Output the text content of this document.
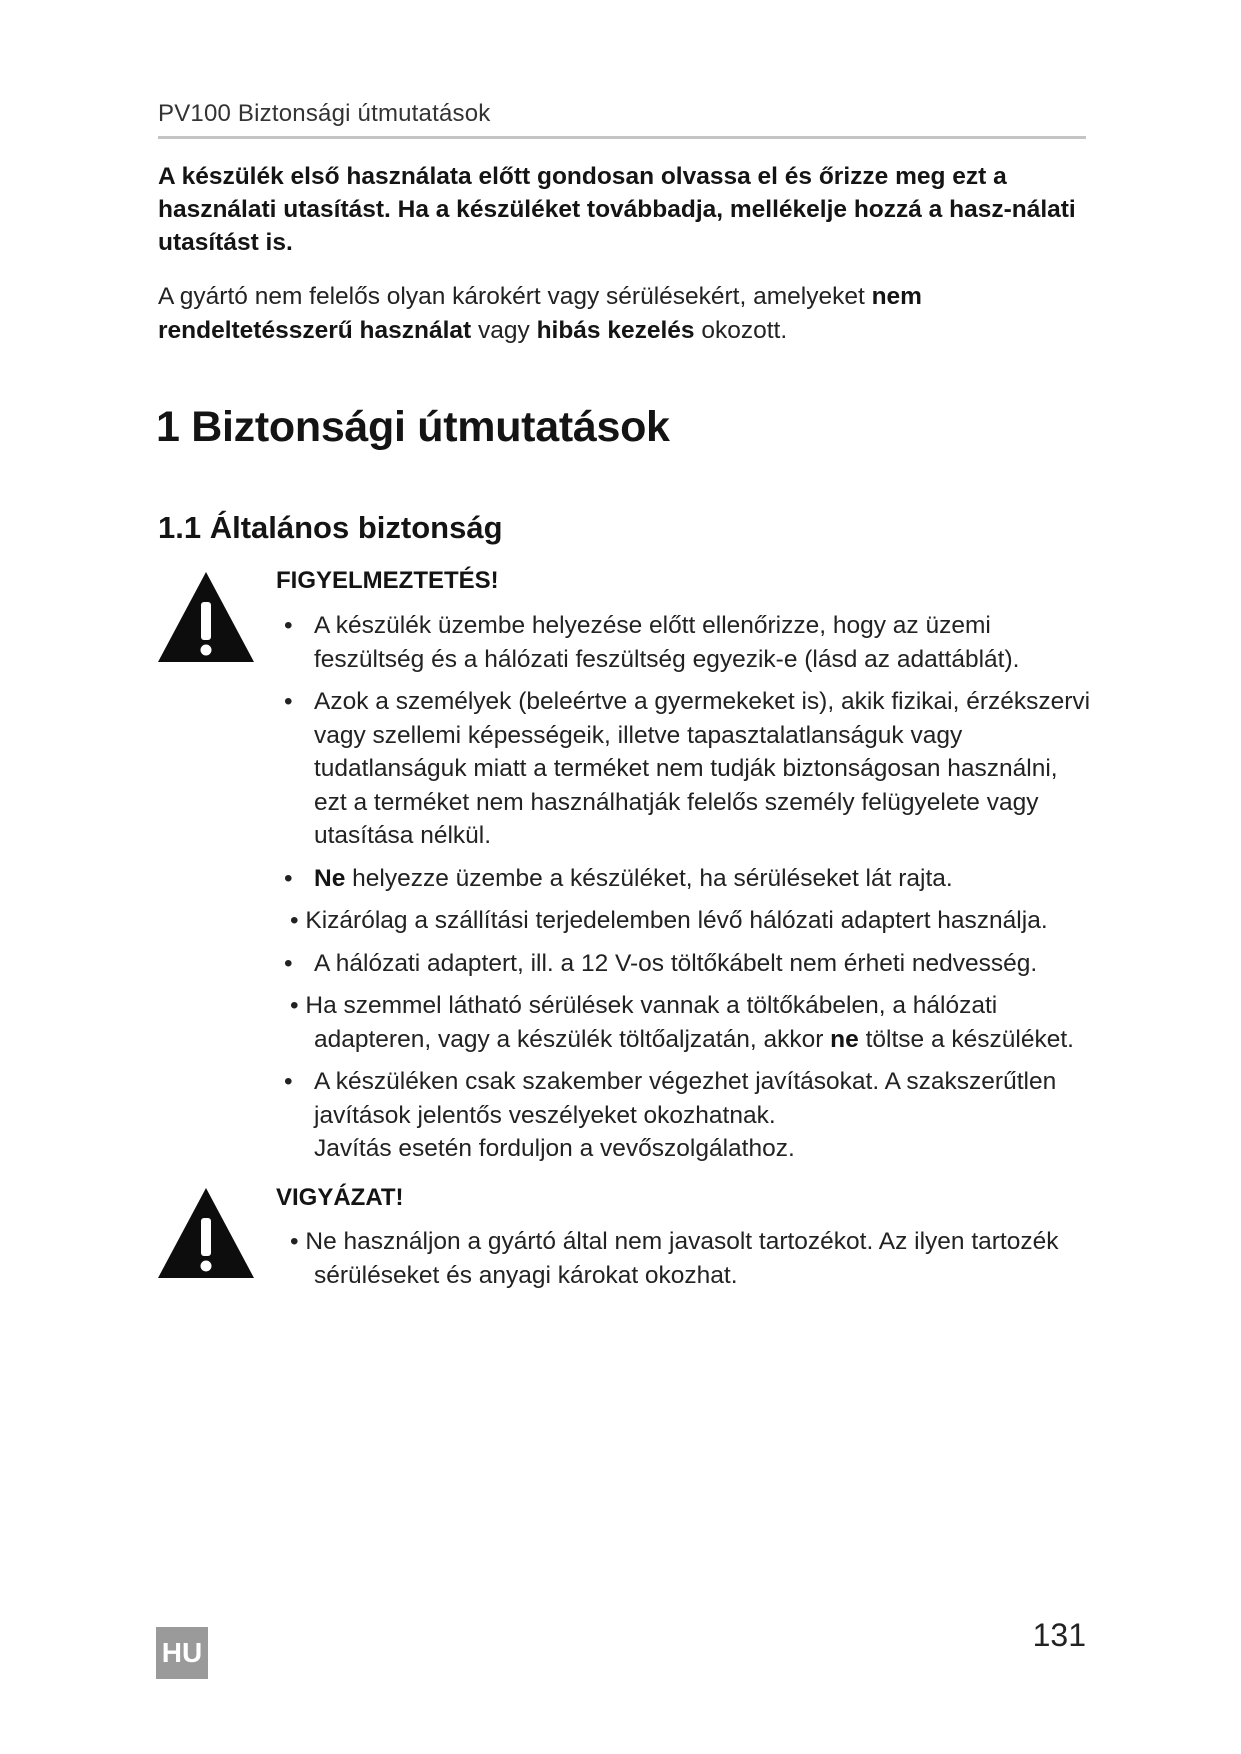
PV100 Biztonsági útmutatások

A készülék első használata előtt gondosan olvassa el és őrizze meg ezt a használati utasítást. Ha a készüléket továbbadja, mellékelje hozzá a hasz-nálati utasítást is.

A gyártó nem felelős olyan károkért vagy sérülésekért, amelyeket nem rendeltetésszerű használat vagy hibás kezelés okozott.

1 Biztonsági útmutatások
1.1 Általános biztonság

FIGYELMEZTETÉS!

• A készülék üzembe helyezése előtt ellenőrizze, hogy az üzemi feszültség és a hálózati feszültség egyezik-e (lásd az adattáblát).
• Azok a személyek (beleértve a gyermekeket is), akik fizikai, érzékszervi vagy szellemi képességeik, illetve tapasztalatlanságuk vagy tudatlanságuk miatt a terméket nem tudják biztonságosan használni, ezt a terméket nem használhatják felelős személy felügyelete vagy utasítása nélkül.
• Ne helyezze üzembe a készüléket, ha sérüléseket lát rajta.
• Kizárólag a szállítási terjedelemben lévő hálózati adaptert használja.
• A hálózati adaptert, ill. a 12 V-os töltőkábelt nem érheti nedvesség.
• Ha szemmel látható sérülések vannak a töltőkábelen, a hálózati adapteren, vagy a készülék töltőaljzatán, akkor ne töltse a készüléket.
• A készüléken csak szakember végezhet javításokat. A szakszerűtlen javítások jelentős veszélyeket okozhatnak.
Javítás esetén forduljon a vevőszolgálathoz.

VIGYÁZAT!

• Ne használjon a gyártó által nem javasolt tartozékot. Az ilyen tartozék sérüléseket és anyagi károkat okozhat.
HU	131
